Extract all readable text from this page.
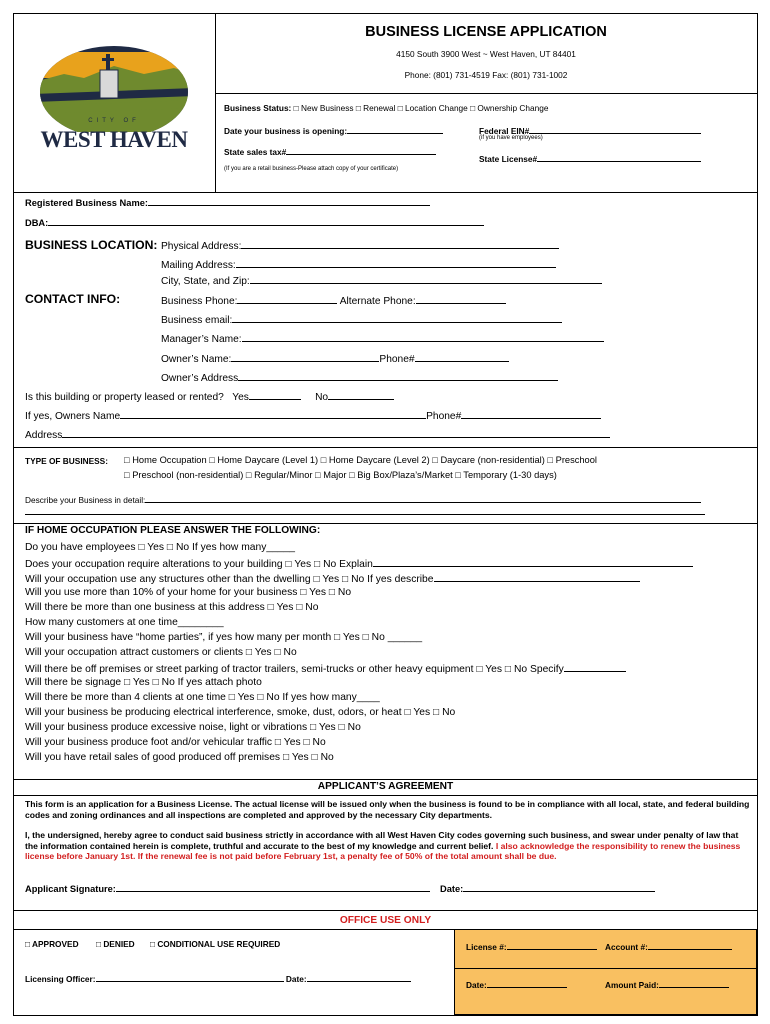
CITY OF
WEST HAVEN
BUSINESS LICENSE APPLICATION
4150 South 3900 West ~ West Haven, UT 84401
Phone: (801) 731-4519 Fax: (801) 731-1002
Business Status: □ New Business □ Renewal □ Location Change □ Ownership Change
Date your business is opening:	Federal EIN#
(if you have employees)
State sales tax#
State License#
(If you are a retail business-Please attach copy of your certificate)
Registered Business Name:
DBA:
BUSINESS LOCATION: Physical Address:
Mailing Address:
City, State, and Zip:
CONTACT INFO:	Business Phone:	Alternate Phone:
Business email:
Manager’s Name:
Owner’s Name:	Phone#
Owner’s Address
Is this building or property leased or rented? Yes	No
If yes, Owners Name	Phone#
Address
TYPE OF BUSINESS: □ Home Occupation □ Home Daycare (Level 1) □ Home Daycare (Level 2) □ Daycare (non-residential) □ Preschool
□ Preschool (non-residential) □ Regular/Minor □ Major □ Big Box/Plaza’s/Market □ Temporary (1-30 days)
Describe your Business in detail:
IF HOME OCCUPATION PLEASE ANSWER THE FOLLOWING:
Do you have employees □ Yes □ No If yes how many_____
Does your occupation require alterations to your building □ Yes □ No Explain
Will your occupation use any structures other than the dwelling □ Yes □ No If yes describe
Will you use more than 10% of your home for your business □ Yes □ No
Will there be more than one business at this address □ Yes □ No
How many customers at one time________
Will your business have “home parties”, if yes how many per month □ Yes □ No ______
Will your occupation attract customers or clients □ Yes □ No
Will there be off premises or street parking of tractor trailers, semi-trucks or other heavy equipment □ Yes □ No Specify
Will there be signage □ Yes □ No If yes attach photo
Will there be more than 4 clients at one time □ Yes □ No If yes how many____
Will your business be producing electrical interference, smoke, dust, odors, or heat □ Yes □ No
Will your business produce excessive noise, light or vibrations □ Yes □ No
Will your business produce foot and/or vehicular traffic □ Yes □ No
Will you have retail sales of good produced off premises □ Yes □ No
APPLICANT’S AGREEMENT
This form is an application for a Business License. The actual license will be issued only when the business is found to be in compliance with all local, state, and federal building codes and zoning ordinances and all inspections are completed and approved by the necessary City departments.
I, the undersigned, hereby agree to conduct said business strictly in accordance with all West Haven City codes governing such business, and swear under penalty of law that the information contained herein is complete, truthful and accurate to the best of my knowledge and current belief. I also acknowledge the responsibility to renew the business license before January 1st. If the renewal fee is not paid before February 1st, a penalty fee of 50% of the total amount shall be due.
Applicant Signature:	Date:
OFFICE USE ONLY
□ APPROVED □ DENIED □ CONDITIONAL USE REQUIRED
Licensing Officer:	Date:
License #:	Account #:
Date:	Amount Paid:
